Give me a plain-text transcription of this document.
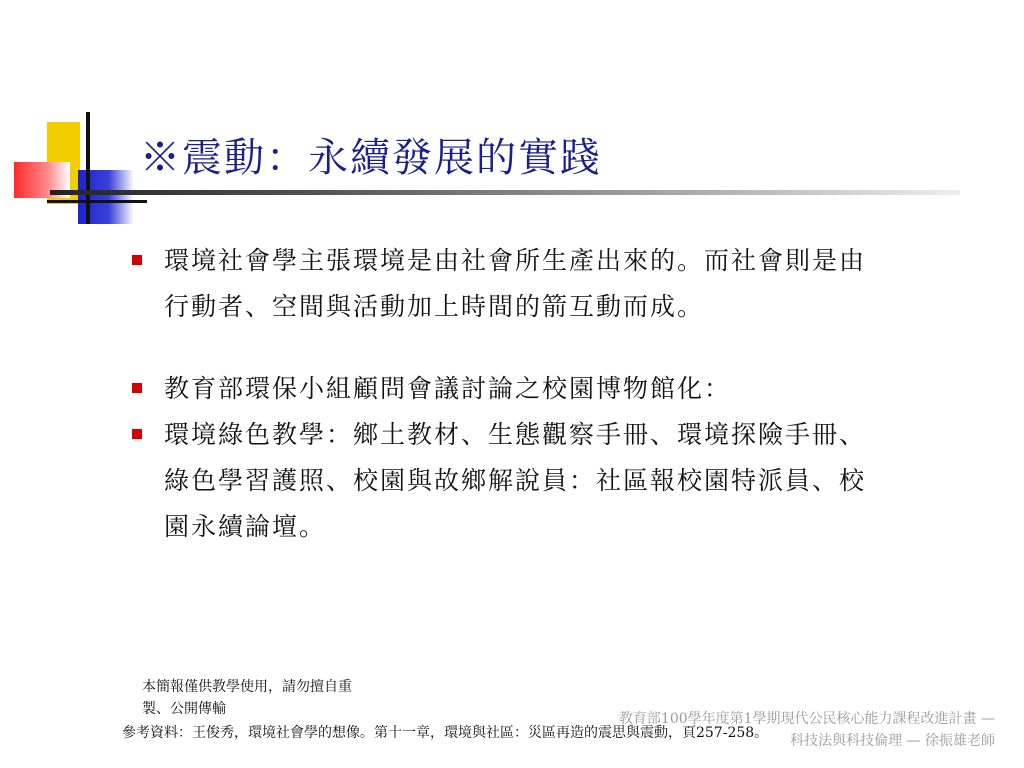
※震動：永續發展的實踐
環境社會學主張環境是由社會所生產出來的。而社會則是由行動者、空間與活動加上時間的箭互動而成。
教育部環保小組顧問會議討論之校園博物館化：
環境綠色教學：鄉土教材、生態觀察手冊、環境探險手冊、綠色學習護照、校園與故鄉解說員：社區報校園特派員、校園永續論壇。
本簡報僅供教學使用，請勿擅自重製、公開傳輸
教育部100學年度第1學期現代公民核心能力課程改進計畫 — 科技法與科技倫理 — 徐振雄老師
參考資料：王俊秀，環境社會學的想像。第十一章，環境與社區：災區再造的震思與震動，頁257-258。
